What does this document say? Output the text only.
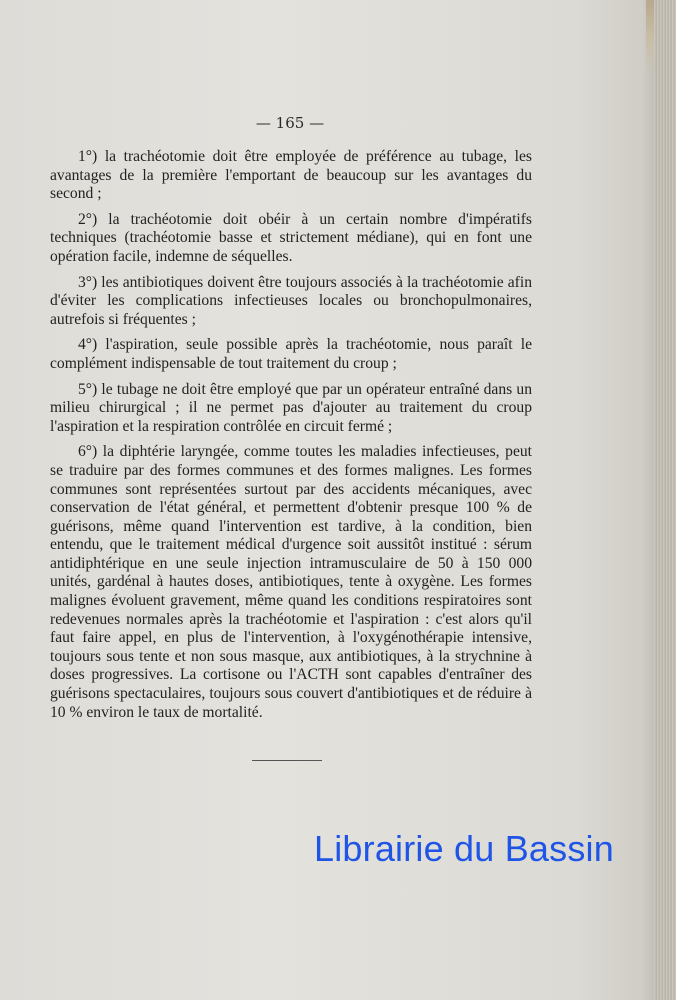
— 165 —

1°) la trachéotomie doit être employée de préférence au tubage, les avantages de la première l'emportant de beaucoup sur les avantages du second ;

2°) la trachéotomie doit obéir à un certain nombre d'impératifs techniques (trachéotomie basse et strictement médiane), qui en font une opération facile, indemne de séquelles.

3°) les antibiotiques doivent être toujours associés à la trachéotomie afin d'éviter les complications infectieuses locales ou bronchopulmonaires, autrefois si fréquentes ;

4°) l'aspiration, seule possible après la trachéotomie, nous paraît le complément indispensable de tout traitement du croup ;

5°) le tubage ne doit être employé que par un opérateur entraîné dans un milieu chirurgical ; il ne permet pas d'ajouter au traitement du croup l'aspiration et la respiration contrôlée en circuit fermé ;

6°) la diphtérie laryngée, comme toutes les maladies infectieuses, peut se traduire par des formes communes et des formes malignes. Les formes communes sont représentées surtout par des accidents mécaniques, avec conservation de l'état général, et permettent d'obtenir presque 100 % de guérisons, même quand l'intervention est tardive, à la condition, bien entendu, que le traitement médical d'urgence soit aussitôt institué : sérum antidiphtérique en une seule injection intramusculaire de 50 à 150 000 unités, gardénal à hautes doses, antibiotiques, tente à oxygène. Les formes malignes évoluent gravement, même quand les conditions respiratoires sont redevenues normales après la trachéotomie et l'aspiration : c'est alors qu'il faut faire appel, en plus de l'intervention, à l'oxygénothérapie intensive, toujours sous tente et non sous masque, aux antibiotiques, à la strychnine à doses progressives. La cortisone ou l'ACTH sont capables d'entraîner des guérisons spectaculaires, toujours sous couvert d'antibiotiques et de réduire à 10 % environ le taux de mortalité.

Librairie du Bassin
